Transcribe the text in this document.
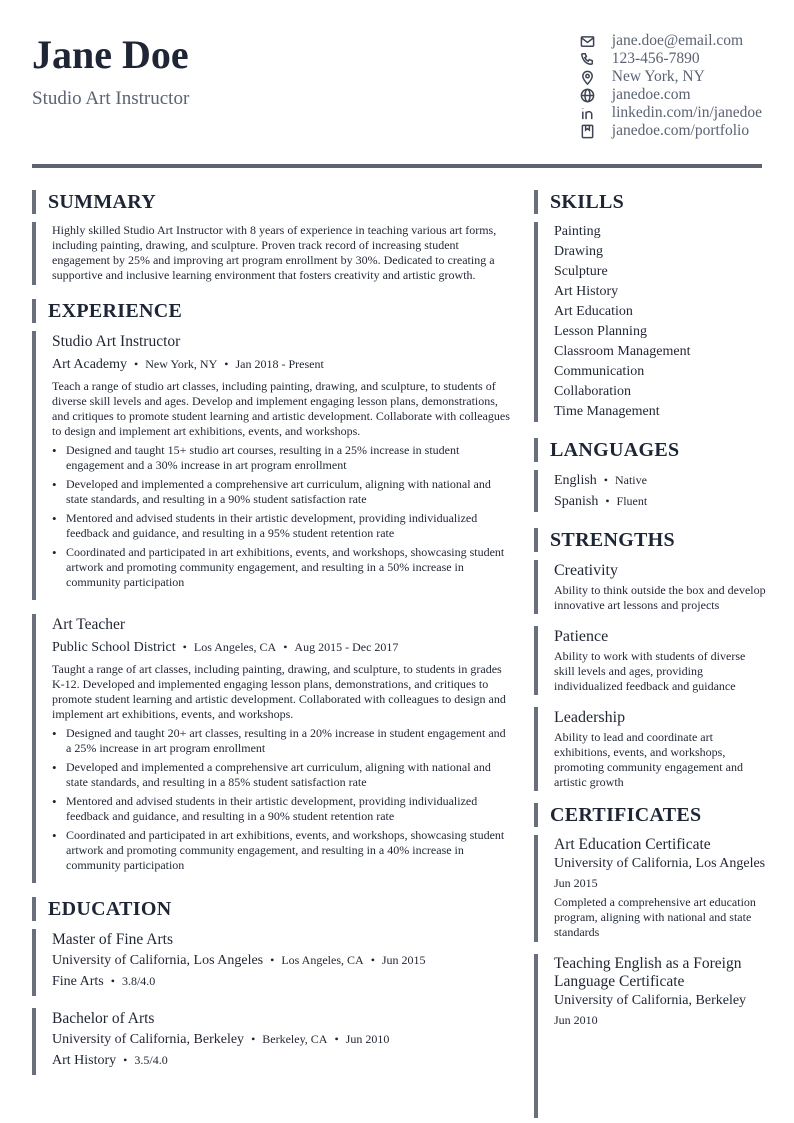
Jane Doe
Studio Art Instructor
jane.doe@email.com
123-456-7890
New York, NY
janedoe.com
linkedin.com/in/janedoe
janedoe.com/portfolio
SUMMARY
Highly skilled Studio Art Instructor with 8 years of experience in teaching various art forms, including painting, drawing, and sculpture. Proven track record of increasing student engagement by 25% and improving art program enrollment by 30%. Dedicated to creating a supportive and inclusive learning environment that fosters creativity and artistic growth.
EXPERIENCE
Studio Art Instructor
Art Academy • New York, NY • Jan 2018 - Present
Teach a range of studio art classes, including painting, drawing, and sculpture, to students of diverse skill levels and ages. Develop and implement engaging lesson plans, demonstrations, and critiques to promote student learning and artistic development. Collaborate with colleagues to design and implement art exhibitions, events, and workshops.
• Designed and taught 15+ studio art courses, resulting in a 25% increase in student engagement and a 30% increase in art program enrollment
• Developed and implemented a comprehensive art curriculum, aligning with national and state standards, and resulting in a 90% student satisfaction rate
• Mentored and advised students in their artistic development, providing individualized feedback and guidance, and resulting in a 95% student retention rate
• Coordinated and participated in art exhibitions, events, and workshops, showcasing student artwork and promoting community engagement, and resulting in a 50% increase in community participation
Art Teacher
Public School District • Los Angeles, CA • Aug 2015 - Dec 2017
Taught a range of art classes, including painting, drawing, and sculpture, to students in grades K-12. Developed and implemented engaging lesson plans, demonstrations, and critiques to promote student learning and artistic development. Collaborated with colleagues to design and implement art exhibitions, events, and workshops.
• Designed and taught 20+ art classes, resulting in a 20% increase in student engagement and a 25% increase in art program enrollment
• Developed and implemented a comprehensive art curriculum, aligning with national and state standards, and resulting in a 85% student satisfaction rate
• Mentored and advised students in their artistic development, providing individualized feedback and guidance, and resulting in a 90% student retention rate
• Coordinated and participated in art exhibitions, events, and workshops, showcasing student artwork and promoting community engagement, and resulting in a 40% increase in community participation
EDUCATION
Master of Fine Arts
University of California, Los Angeles • Los Angeles, CA • Jun 2015
Fine Arts • 3.8/4.0
Bachelor of Arts
University of California, Berkeley • Berkeley, CA • Jun 2010
Art History • 3.5/4.0
SKILLS
Painting
Drawing
Sculpture
Art History
Art Education
Lesson Planning
Classroom Management
Communication
Collaboration
Time Management
LANGUAGES
English • Native
Spanish • Fluent
STRENGTHS
Creativity
Ability to think outside the box and develop innovative art lessons and projects
Patience
Ability to work with students of diverse skill levels and ages, providing individualized feedback and guidance
Leadership
Ability to lead and coordinate art exhibitions, events, and workshops, promoting community engagement and artistic growth
CERTIFICATES
Art Education Certificate
University of California, Los Angeles
Jun 2015
Completed a comprehensive art education program, aligning with national and state standards
Teaching English as a Foreign Language Certificate
University of California, Berkeley
Jun 2010
